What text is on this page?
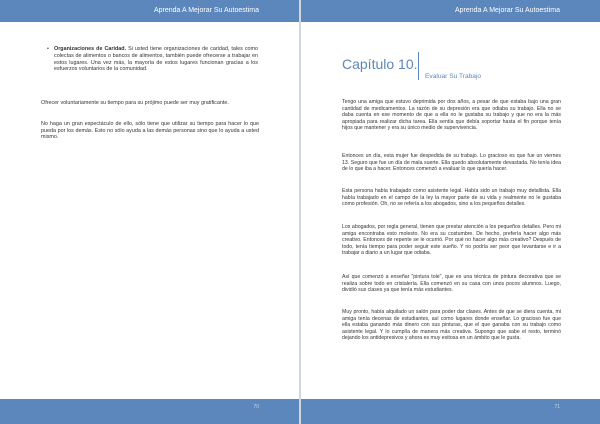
Aprenda A Mejorar Su Autoestima
• Organizaciones de Caridad. Si usted tiene organizaciones de caridad, tales como colectas de alimentos o bancos de alimentos, también puede ofrecerse a trabajar en estos lugares. Una vez más, la mayoría de estos lugares funcionan gracias a los esfuerzos voluntarios de la comunidad.

Ofrecer voluntariamente su tiempo para su prójimo puede ser muy gratificante.

No haga un gran espectáculo de ello, sólo tiene que utilizar su tiempo para hacer lo que pueda por los demás. Esto no sólo ayuda a las demás personas sino que lo ayuda a usted mismo.

70
Aprenda A Mejorar Su Autoestima
Capítulo 10.
Evaluar Su Trabajo

Tengo una amiga que estuvo deprimida por dos años, a pesar de que estaba bajo una gran cantidad de medicamentos. La razón de su depresión era que odiaba su trabajo. Ella no se daba cuenta en ese momento de que a ella no le gustaba su trabajo y que no era la más apropiada para realizar dicha tarea. Ella sentía que debía soportar hasta el fin porque tenía hijos que mantener y era su único medio de supervivencia.

Entonces un día, esta mujer fue despedida de su trabajo. Lo gracioso es que fue un viernes 13. Seguro que fue un día de mala suerte. Ella quedo absolutamente devastada. No tenía idea de lo que iba a hacer. Entonces comenzó a evaluar lo que quería hacer.

Esta persona había trabajado como asistente legal. Había sido un trabajo muy detallista. Ella había trabajado en el campo de la ley la mayor parte de su vida y realmente no le gustaba como profesión. Oh, no se refería a los abogados, sino a los pequeños detalles.

Los abogados, por regla general, tienen que prestar atención a los pequeños detalles. Pero mi amiga encontraba esto molesto. No era su costumbre. De hecho, prefería hacer algo más creativo. Entonces de repente se le ocurrió. Por qué no hacer algo más creativo? Después de todo, tenía tiempo para poder seguir este sueño. Y no podría ser peor que levantarse e ir a trabajar a diario a un lugar que odiaba.

Así que comenzó a enseñar "pintura tole", que es una técnica de pintura decorativa que se realiza sobre todo en cristalería. Ella comenzó en su casa con unos pocos alumnos. Luego, dividió sus clases ya que tenía más estudiantes.

Muy pronto, había alquilado un salón para poder dar clases. Antes de que se diera cuenta, mi amiga tenía decenas de estudiantes, así como lugares donde enseñar. Lo gracioso fue que ella estaba ganando más dinero con sus pinturas, que el que ganaba con su trabajo como asistente legal. Y lo cumplía de manera más creativa. Supongo que sabe el resto, terminó dejando los antidepresivos y ahora es muy exitosa en un ámbito que le gusta.

71
